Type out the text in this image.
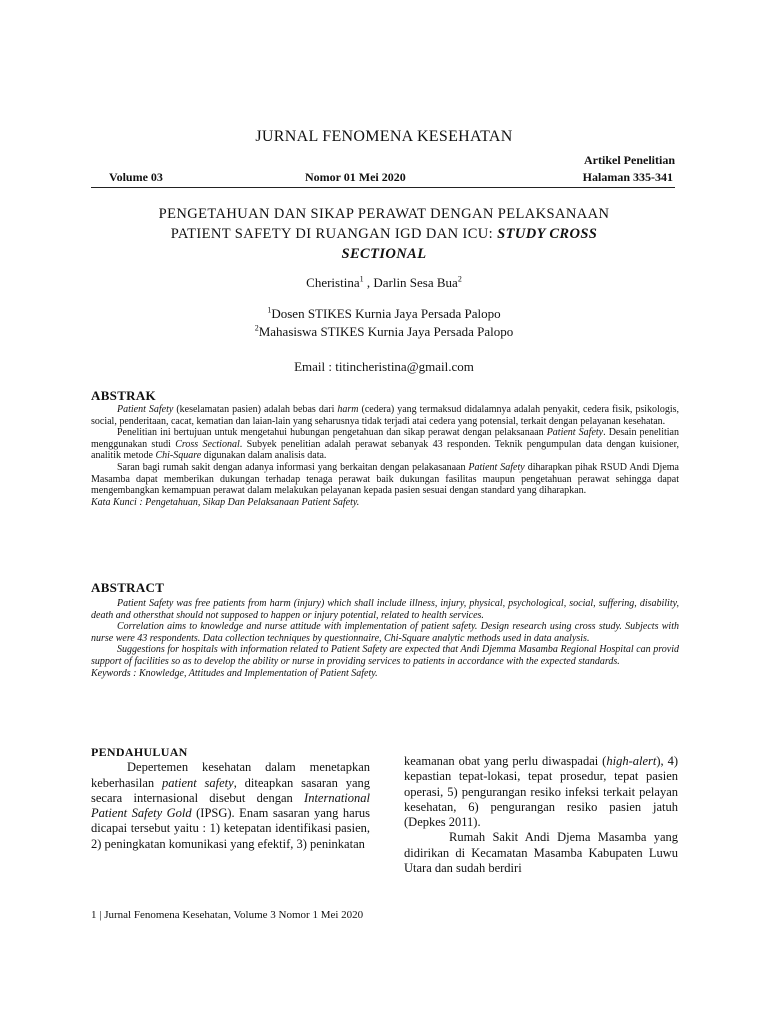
JURNAL FENOMENA KESEHATAN
Artikel Penelitian
Volume 03	Nomor 01 Mei 2020	Halaman 335-341
PENGETAHUAN DAN SIKAP PERAWAT DENGAN PELAKSANAAN
PATIENT SAFETY DI RUANGAN IGD DAN ICU: STUDY CROSS
SECTIONAL
Cheristina$^1$ , Darlin Sesa Bua$^2$
$^1$Dosen STIKES Kurnia Jaya Persada Palopo
$^2$Mahasiswa STIKES Kurnia Jaya Persada Palopo
Email : titincheristina@gmail.com
ABSTRAK

Patient Safety (keselamatan pasien) adalah bebas dari harm (cedera) yang termaksud didalamnya adalah penyakit, cedera fisik, psikologis, social, penderitaan, cacat, kematian dan laian-lain yang seharusnya tidak terjadi atai cedera yang potensial, terkait dengan pelayanan kesehatan.

Penelitian ini bertujuan untuk mengetahui hubungan pengetahuan dan sikap perawat dengan pelaksanaan Patient Safety. Desain penelitian menggunakan studi Cross Sectional. Subyek penelitian adalah perawat sebanyak 43 responden. Teknik pengumpulan data dengan kuisioner, analitik metode Chi-Square digunakan dalam analisis data.

Saran bagi rumah sakit dengan adanya informasi yang berkaitan dengan pelakasanaan Patient Safety diharapkan pihak RSUD Andi Djema Masamba dapat memberikan dukungan terhadap tenaga perawat baik dukungan fasilitas maupun pengetahuan perawat sehingga dapat mengembangkan kemampuan perawat dalam melakukan pelayanan kepada pasien sesuai dengan standard yang diharapkan.

Kata Kunci : Pengetahuan, Sikap Dan Pelaksanaan Patient Safety.

ABSTRACT

Patient Safety was free patients from harm (injury) which shall include illness, injury, physical, psychological, social, suffering, disability, death and othersthat should not supposed to happen or injury potential, related to health services.

Correlation aims to knowledge and nurse attitude with implementation of patient safety. Design research using cross study. Subjects with nurse were 43 respondents. Data collection techniques by questionnaire, Chi-Square analytic methods used in data analysis.

Suggestions for hospitals with information related to Patient Safety are expected that Andi Djemma Masamba Regional Hospital can provid support of facilities so as to develop the ability or nurse in providing services to patients in accordance with the expected standards.

Keywords : Knowledge, Attitudes and Implementation of Patient Safety.

PENDAHULUAN

Depertemen kesehatan dalam menetapkan keberhasilan patient safety, diteapkan sasaran yang secara internasional disebut dengan International Patient Safety Gold (IPSG). Enam sasaran yang harus dicapai tersebut yaitu : 1) ketepatan identifikasi pasien, 2) peningkatan komunikasi yang efektif, 3) peninkatan

keamanan obat yang perlu diwaspadai (high-alert), 4) kepastian tepat-lokasi, tepat prosedur, tepat pasien operasi, 5) pengurangan resiko infeksi terkait pelayan kesehatan, 6) pengurangan resiko pasien jatuh (Depkes 2011).

Rumah Sakit Andi Djema Masamba yang didirikan di Kecamatan Masamba Kabupaten Luwu Utara dan sudah berdiri

1 | Jurnal Fenomena Kesehatan, Volume 3 Nomor 1 Mei 2020
